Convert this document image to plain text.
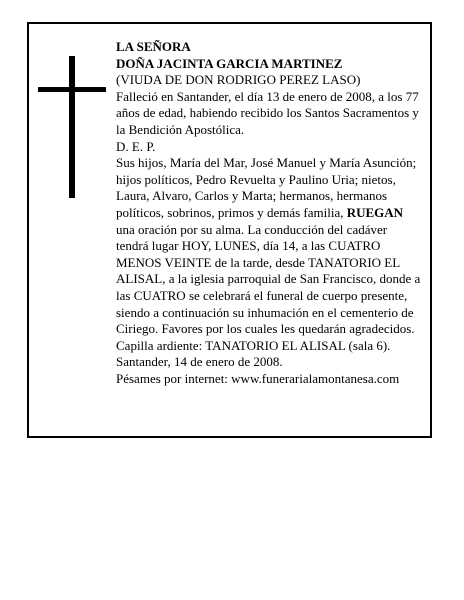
LA SEÑORA

DOÑA JACINTA GARCIA MARTINEZ

(VIUDA DE DON RODRIGO PEREZ LASO)

Falleció en Santander, el día 13 de enero de 2008, a los 77 años de edad, habiendo recibido los Santos Sacramentos y la Bendición Apostólica.

D. E. P.

Sus hijos, María del Mar, José Manuel y María Asunción; hijos políticos, Pedro Revuelta y Paulino Uria; nietos, Laura, Alvaro, Carlos y Marta; hermanos, hermanos políticos, sobrinos, primos y demás familia, RUEGAN una oración por su alma. La conducción del cadáver tendrá lugar HOY, LUNES, día 14, a las CUATRO MENOS VEINTE de la tarde, desde TANATORIO EL ALISAL, a la iglesia parroquial de San Francisco, donde a las CUATRO se celebrará el funeral de cuerpo presente, siendo a continuación su inhumación en el cementerio de Ciriego. Favores por los cuales les quedarán agradecidos. Capilla ardiente: TANATORIO EL ALISAL (sala 6).

Santander, 14 de enero de 2008.

Pésames por internet: www.funerarialamontanesa.com
